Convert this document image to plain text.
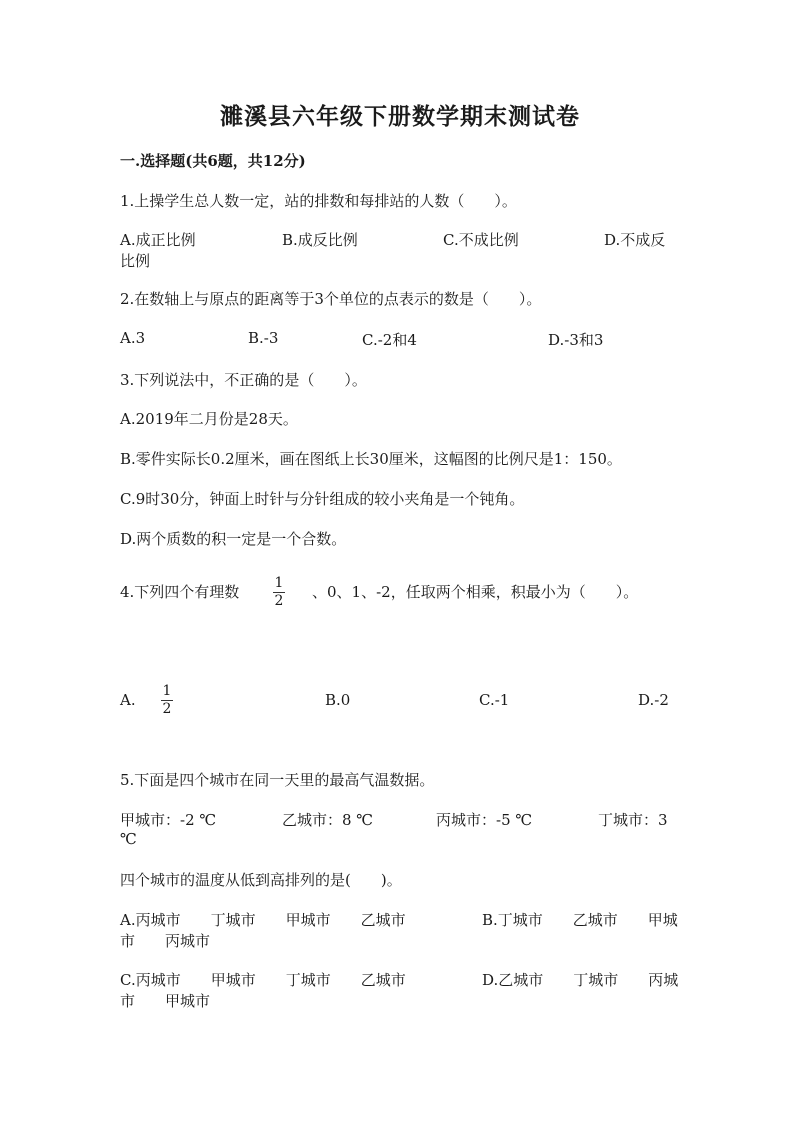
濉溪县六年级下册数学期末测试卷
一.选择题(共6题，共12分)
1.上操学生总人数一定，站的排数和每排站的人数（　　）。
A.成正比例	B.成反比例	C.不成比例	D.不成反
比例
2.在数轴上与原点的距离等于3个单位的点表示的数是（　　）。
A.3	B.-3	C.-2和4	D.-3和3
3.下列说法中，不正确的是（　　）。
A.2019年二月份是28天。
B.零件实际长0.2厘米，画在图纸上长30厘米，这幅图的比例尺是1：150。
C.9时30分，钟面上时针与分针组成的较小夹角是一个钝角。
D.两个质数的积一定是一个合数。
4.下列四个有理数	1
2 、0、1、-2，任取两个相乘，积最小为（　　）。
A. 1
2	B.0	C.-1	D.-2
5.下面是四个城市在同一天里的最高气温数据。
甲城市：-2 ℃	乙城市：8 ℃	丙城市：-5 ℃	丁城市：3
℃
四个城市的温度从低到高排列的是(　　)。
A.丙城市　　丁城市　　甲城市　　乙城市	B.丁城市　　乙城市　　甲城
市　　丙城市
C.丙城市　　甲城市　　丁城市　　乙城市	D.乙城市　　丁城市　　丙城
市　　甲城市
